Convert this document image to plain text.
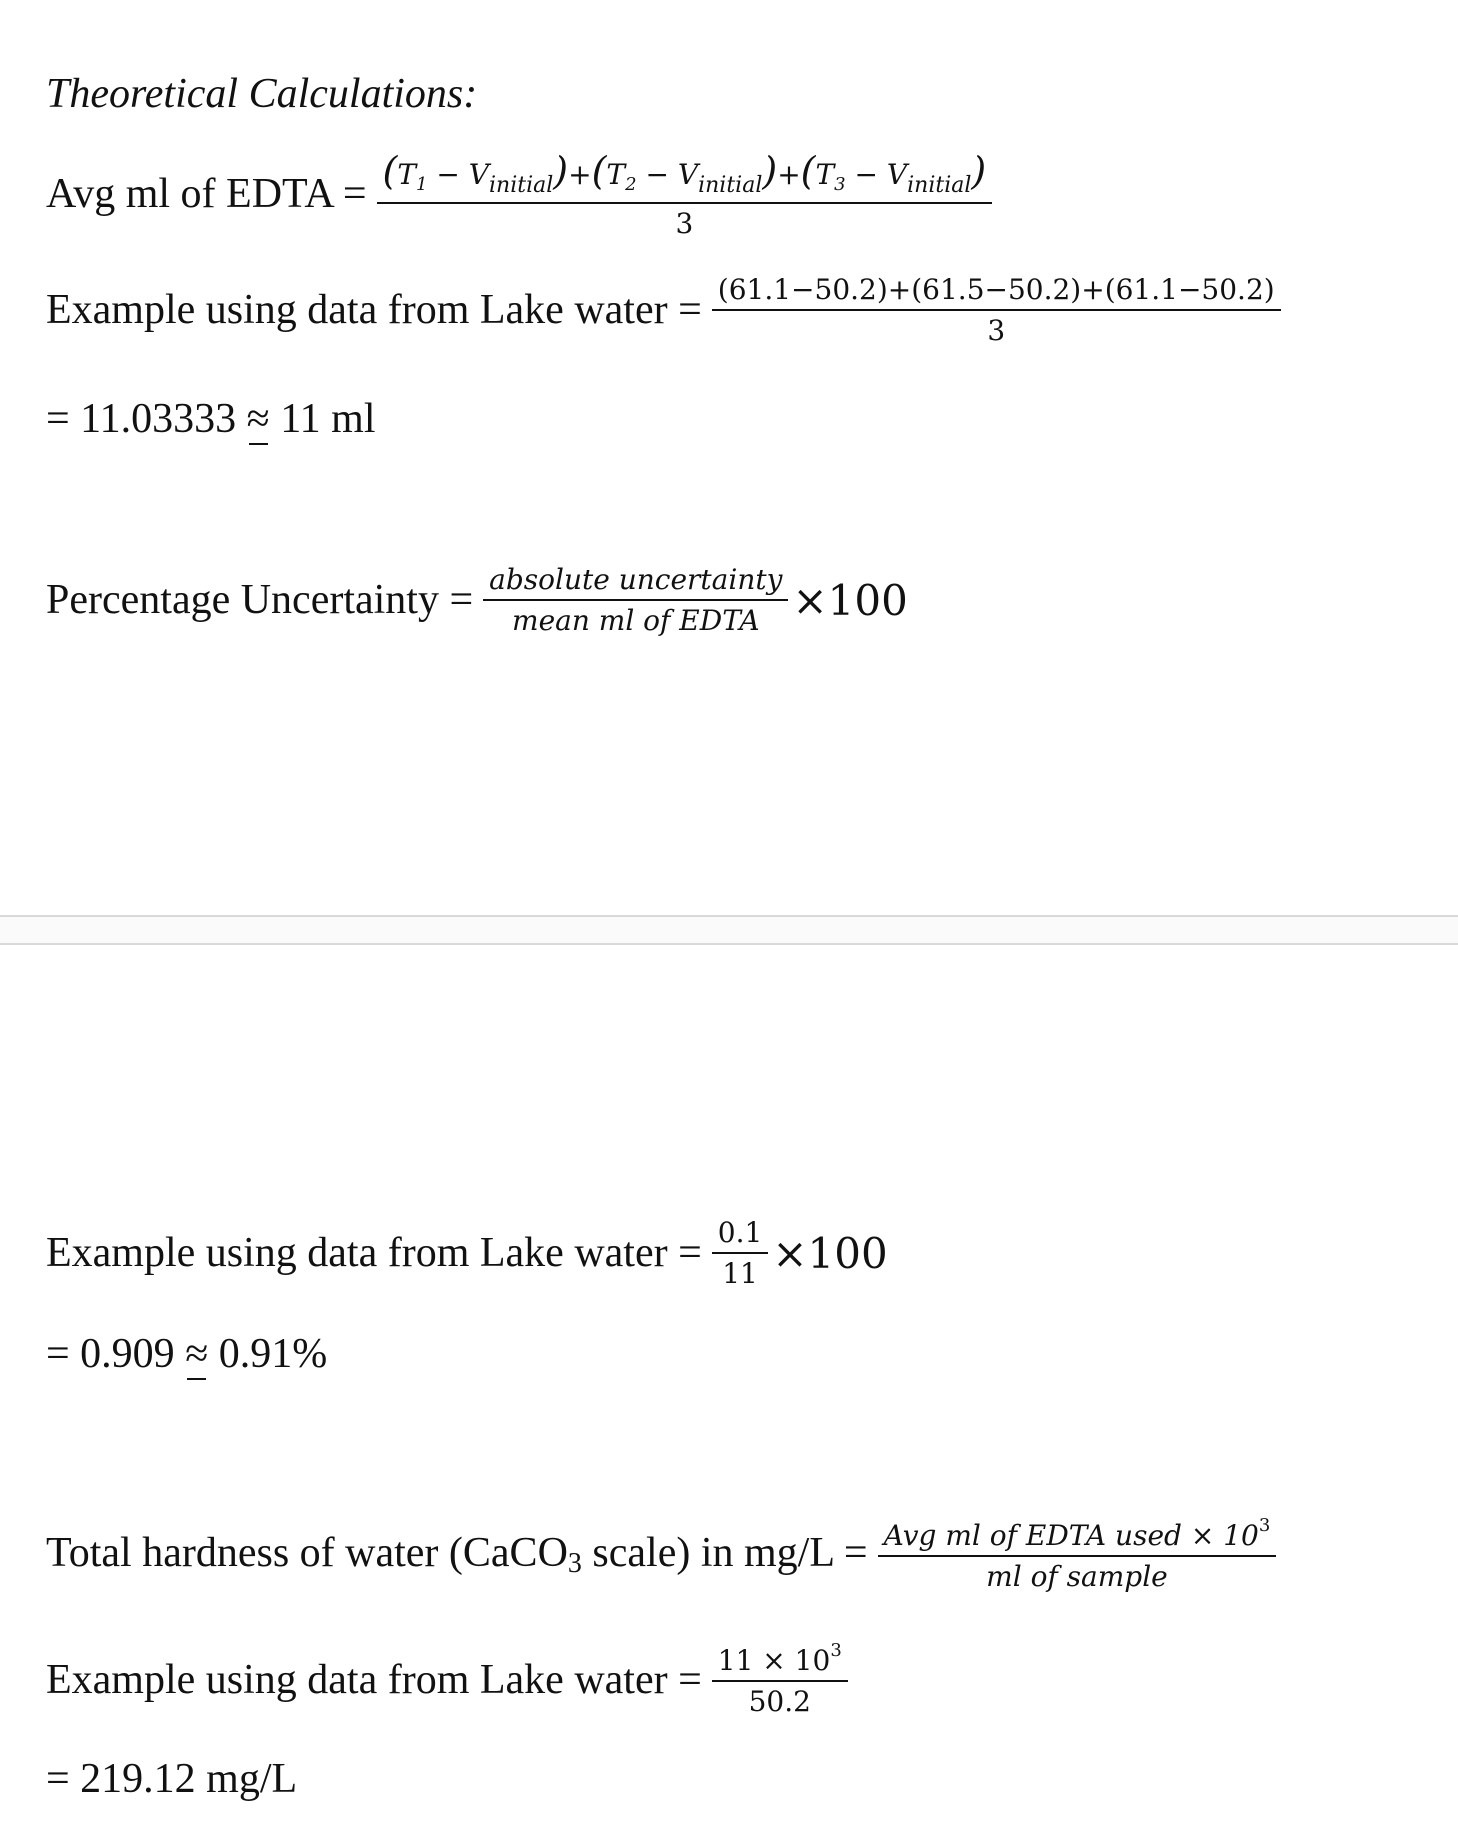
Theoretical Calculations:
Avg ml of EDTA =
$(T_1 - V_{initial})+(T_2 - V_{initial})+(T_3 - V_{initial})$
3
Example using data from Lake water = $\frac{(61.1-50.2)+(61.5-50.2)+(61.1-50.2)}{3}$
= 11.03333 ≈ 11 ml
Percentage Uncertainty = $\frac{\text{absolute uncertainty}}{\text{mean ml of EDTA}} \times 100$
Example using data from Lake water = $\frac{0.1}{11} \times 100$
= 0.909 ≈ 0.91%
Total hardness of water (CaCO$_3$ scale) in $mg/L = \frac{Avg ml of EDTA used \times 10^3}{\text{ml of sample}}$
Example using data from Lake water = $\frac{11 \times 10^3}{50.2}$
= 219.12 mg/L
